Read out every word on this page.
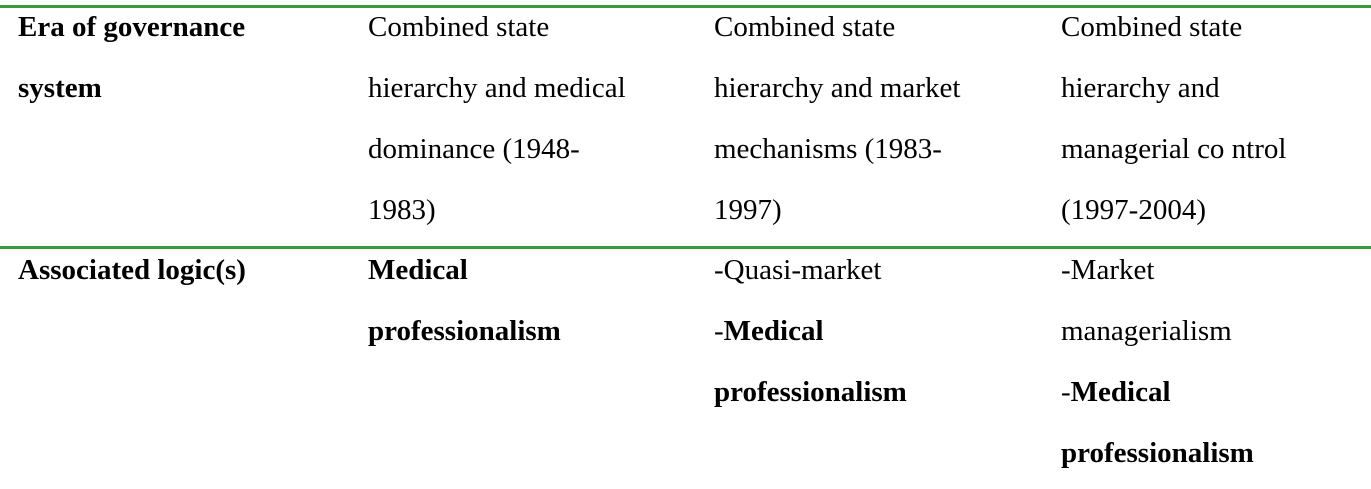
Era of governance
system
Combined state
hierarchy and medical
dominance (1948-
1983)
Combined state
hierarchy and market
mechanisms (1983-
1997)
Combined state
hierarchy and
managerial co ntrol
(1997-2004)
Associated logic(s)	Medical
professionalism
-Quasi-market
-Medical
professionalism
-Market
managerialism
-Medical
professionalism
